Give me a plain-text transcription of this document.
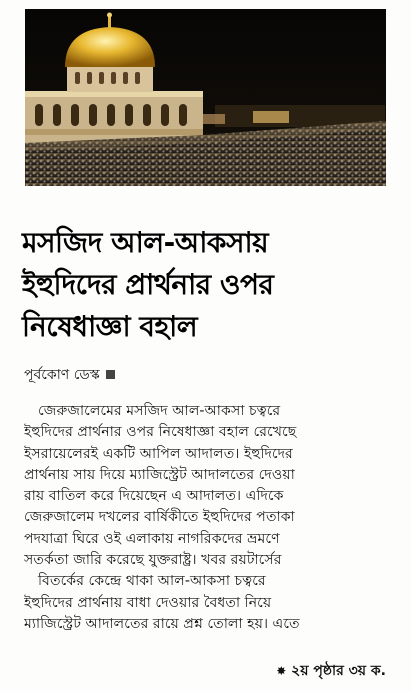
মসজিদ আল-আকসায়
ইহুদিদের প্রার্থনার ওপর
নিষেধাজ্ঞা বহাল
পূর্বকোণ ডেস্ক
জেরুজালেমের মসজিদ আল-আকসা চত্বরে
ইহুদিদের প্রার্থনার ওপর নিষেধাজ্ঞা বহাল রেখেছে
ইসরায়েলেরই একটি আপিল আদালত। ইহুদিদের
প্রার্থনায় সায় দিয়ে ম্যাজিস্ট্রেট আদালতের দেওয়া
রায় বাতিল করে দিয়েছেন এ আদালত। এদিকে
জেরুজালেম দখলের বার্ষিকীতে ইহুদিদের পতাকা
পদযাত্রা ঘিরে ওই এলাকায় নাগরিকদের ভ্রমণে
সতর্কতা জারি করেছে যুক্তরাষ্ট্র। খবর রয়টার্সের
বিতর্কের কেন্দ্রে থাকা আল-আকসা চত্বরে
ইহুদিদের প্রার্থনায় বাধা দেওয়ার বৈধতা নিয়ে
ম্যাজিস্ট্রেট আদালতের রায়ে প্রশ্ন তোলা হয়। এতে
✸ ২য় পৃষ্ঠার ৩য় ক.
